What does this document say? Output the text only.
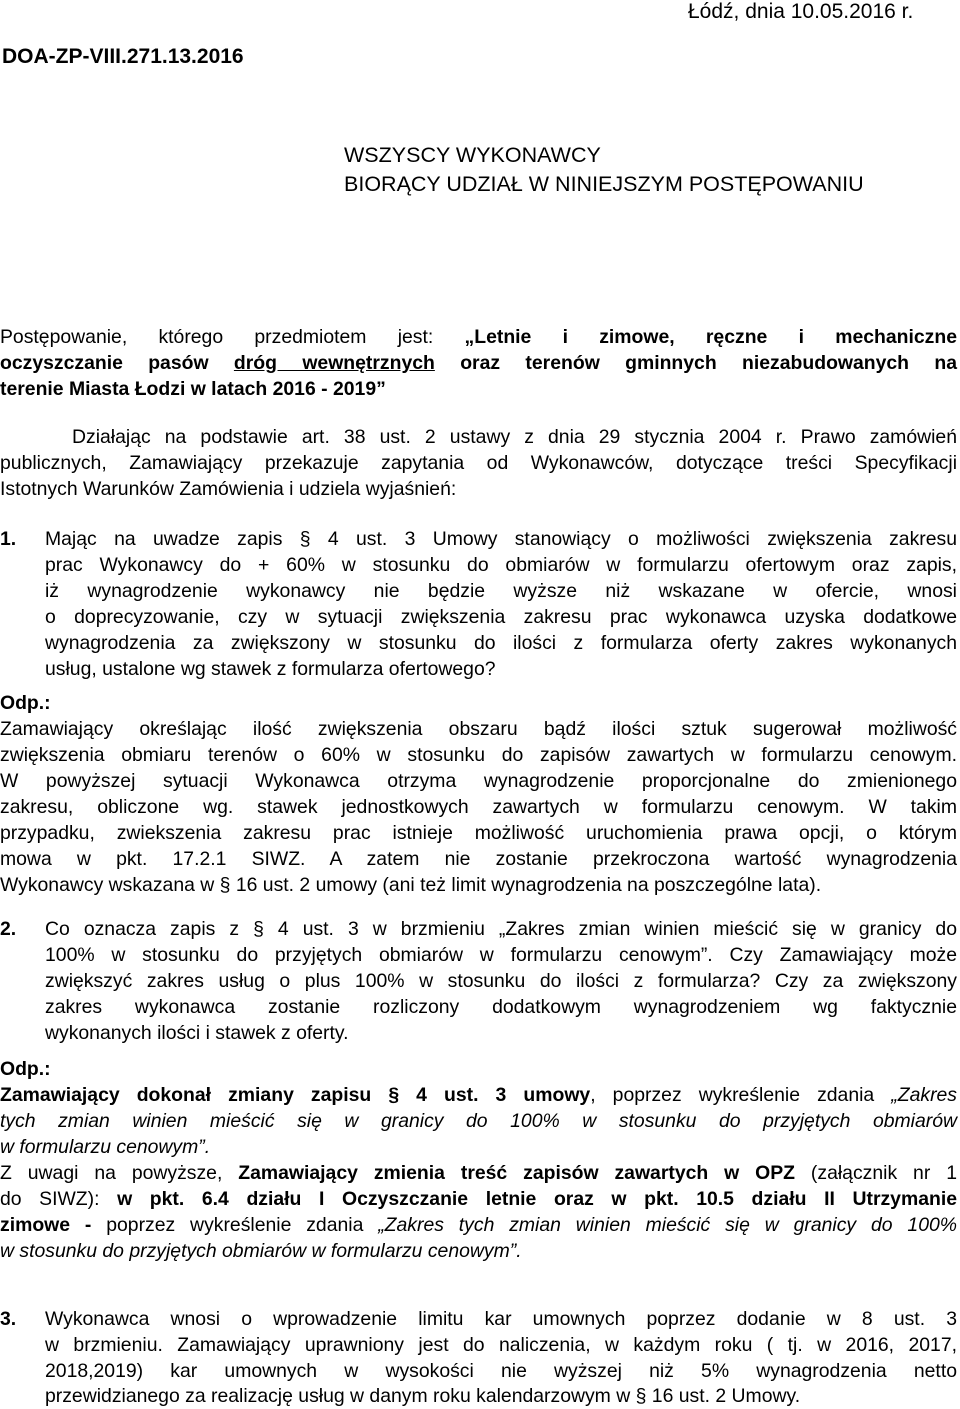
DOA-ZP-VIII.271.13.2016
Łódź, dnia 10.05.2016 r.
WSZYSCY WYKONAWCY
BIORĄCY UDZIAŁ W NINIEJSZYM POSTĘPOWANIU
Postępowanie, którego przedmiotem jest: „Letnie i zimowe, ręczne i mechaniczne
oczyszczanie pasów dróg wewnętrznych oraz terenów gminnych niezabudowanych na
terenie Miasta Łodzi w latach 2016 - 2019”
Działając na podstawie art. 38 ust. 2 ustawy z dnia 29 stycznia 2004 r. Prawo zamówień
publicznych, Zamawiający przekazuje zapytania od Wykonawców, dotyczące treści Specyfikacji
Istotnych Warunków Zamówienia i udziela wyjaśnień:
1.	Mając na uwadze zapis § 4 ust. 3 Umowy stanowiący o możliwości zwiększenia zakresu
prac Wykonawcy do + 60% w stosunku do obmiarów w formularzu ofertowym oraz zapis,
iż wynagrodzenie wykonawcy nie będzie wyższe niż wskazane w ofercie, wnosi
o doprecyzowanie, czy w sytuacji zwiększenia zakresu prac wykonawca uzyska dodatkowe
wynagrodzenia za zwiększony w stosunku do ilości z formularza oferty zakres wykonanych
usług, ustalone wg stawek z formularza ofertowego?
Odp.:
Zamawiający określając ilość zwiększenia obszaru bądź ilości sztuk sugerował możliwość
zwiększenia obmiaru terenów o 60% w stosunku do zapisów zawartych w formularzu cenowym.
W powyższej sytuacji Wykonawca otrzyma wynagrodzenie proporcjonalne do zmienionego
zakresu, obliczone wg. stawek jednostkowych zawartych w formularzu cenowym. W takim
przypadku, zwiekszenia zakresu prac istnieje możliwość uruchomienia prawa opcji, o którym
mowa w pkt. 17.2.1 SIWZ. A zatem nie zostanie przekroczona wartość wynagrodzenia
Wykonawcy wskazana w § 16 ust. 2 umowy (ani też limit wynagrodzenia na poszczególne lata).
2.	Co oznacza zapis z § 4 ust. 3 w brzmieniu „Zakres zmian winien mieścić się w granicy do
100% w stosunku do przyjętych obmiarów w formularzu cenowym”. Czy Zamawiający może
zwiększyć zakres usług o plus 100% w stosunku do ilości z formularza? Czy za zwiększony
zakres wykonawca zostanie rozliczony dodatkowym wynagrodzeniem wg faktycznie
wykonanych ilości i stawek z oferty.
Odp.:
Zamawiający dokonał zmiany zapisu § 4 ust. 3 umowy, poprzez wykreślenie zdania „Zakres
tych zmian winien mieścić się w granicy do 100% w stosunku do przyjętych obmiarów
w formularzu cenowym”.
Z uwagi na powyższe, Zamawiający zmienia treść zapisów zawartych w OPZ (załącznik nr 1
do SIWZ): w pkt. 6.4 działu I Oczyszczanie letnie oraz w pkt. 10.5 działu II Utrzymanie
zimowe - poprzez wykreślenie zdania „Zakres tych zmian winien mieścić się w granicy do 100%
w stosunku do przyjętych obmiarów w formularzu cenowym”.
3.	Wykonawca wnosi o wprowadzenie limitu kar umownych poprzez dodanie w 8 ust. 3
w brzmieniu. Zamawiający uprawniony jest do naliczenia, w każdym roku ( tj. w 2016, 2017,
2018,2019) kar umownych w wysokości nie wyższej niż 5% wynagrodzenia netto
przewidzianego za realizację usług w danym roku kalendarzowym w § 16 ust. 2 Umowy.
